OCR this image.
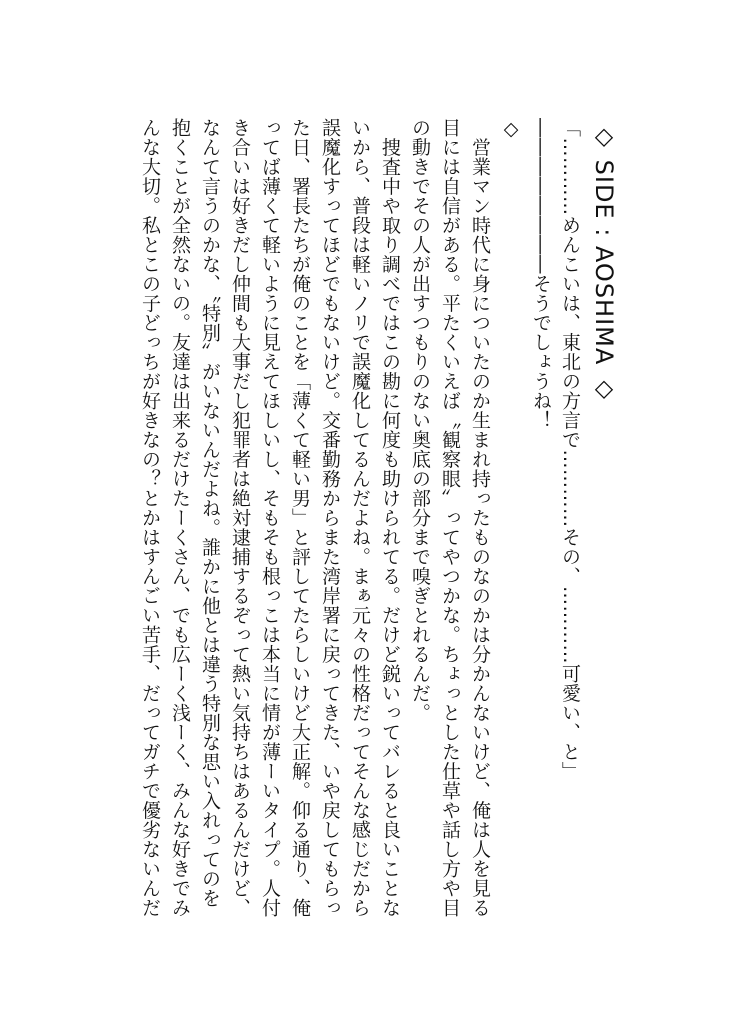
◇ SIDE : AOSHIMA ◇
「…………めんこいは、東北の方言で…………その、…………可愛い、と」
――――――――そうでしょうね！
◇
　営業マン時代に身についたのか生まれ持ったものなのかは分かんないけど、俺は人を見る
目には自信がある。平たくいえば〝観察眼〟ってやつかな。ちょっとした仕草や話し方や目
の動きでその人が出すつもりのない奥底の部分まで嗅ぎとれるんだ。
　捜査中や取り調べではこの勘に何度も助けられてる。だけど鋭いってバレると良いことな
いから、普段は軽いノリで誤魔化してるんだよね。まぁ元々の性格だってそんな感じだから
誤魔化すってほどでもないけど。交番勤務からまた湾岸署に戻ってきた、いや戻してもらっ
た日、署長たちが俺のことを「薄くて軽い男」と評してたらしいけど大正解。仰る通り、俺
ってば薄くて軽いように見えてほしいし、そもそも根っこは本当に情が薄ーいタイプ。人付
き合いは好きだし仲間も大事だし犯罪者は絶対逮捕するぞって熱い気持ちはあるんだけど、
なんて言うのかな、〝特別〟がいないんだよね。誰かに他とは違う特別な思い入れってのを
抱くことが全然ないの。友達は出来るだけたーくさん、でも広ーく浅ーく、みんな好きでみ
んな大切。私とこの子どっちが好きなの？とかはすんごい苦手、だってガチで優劣ないんだ
